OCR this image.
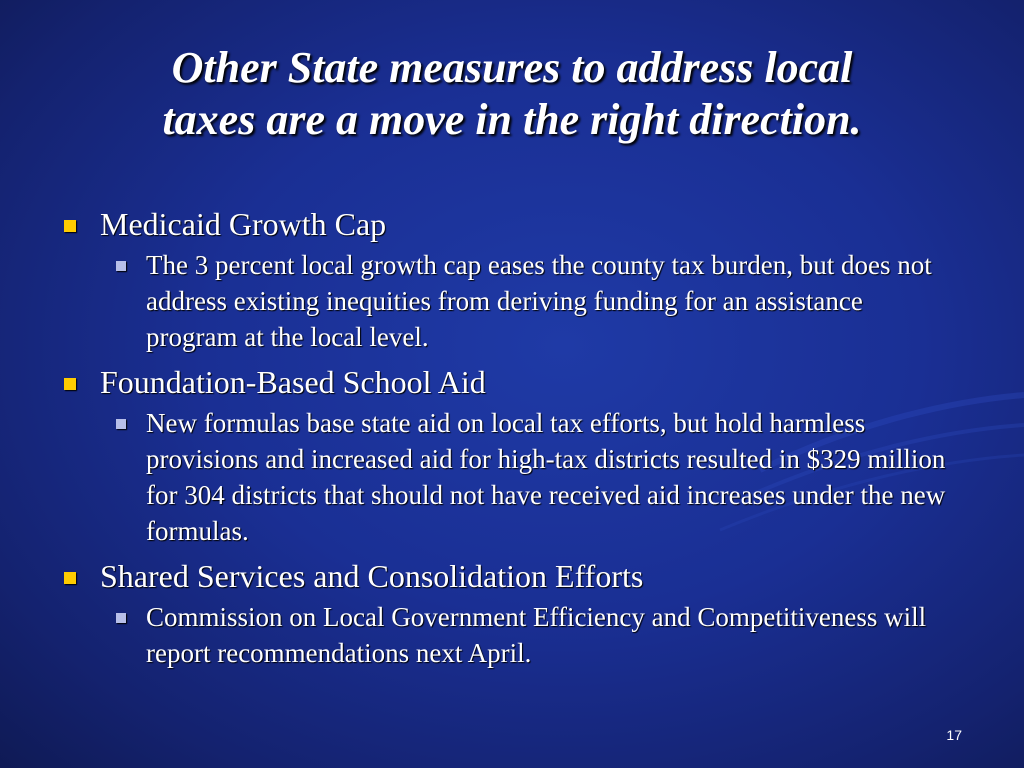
Other State measures to address local
taxes are a move in the right direction.
Medicaid Growth Cap
The 3 percent local growth cap eases the county tax burden, but does not address existing inequities from deriving funding for an assistance program at the local level.
Foundation-Based School Aid
New formulas base state aid on local tax efforts, but hold harmless provisions and increased aid for high-tax districts resulted in $329 million for 304 districts that should not have received aid increases under the new formulas.
Shared Services and Consolidation Efforts
Commission on Local Government Efficiency and Competitiveness will report recommendations next April.
17
